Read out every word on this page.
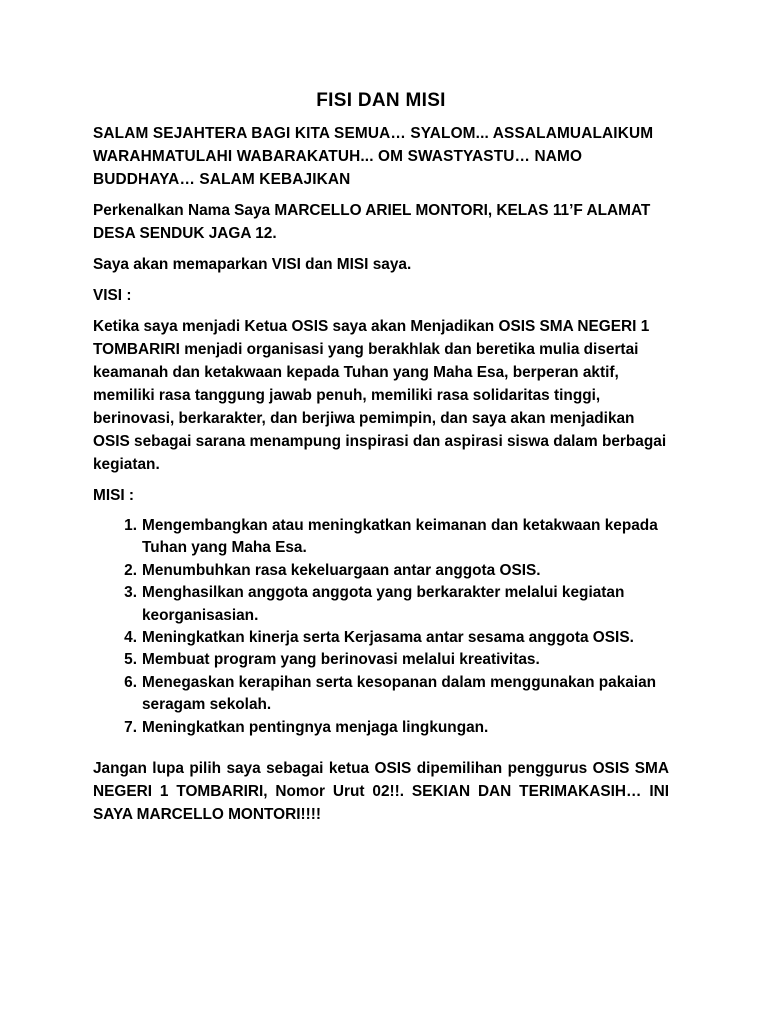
FISI DAN MISI

SALAM SEJAHTERA BAGI KITA SEMUA… SYALOM... ASSALAMUALAIKUM WARAHMATULAHI WABARAKATUH... OM SWASTYASTU… NAMO BUDDHAYA… SALAM KEBAJIKAN

Perkenalkan Nama Saya MARCELLO ARIEL MONTORI, KELAS 11’F ALAMAT DESA SENDUK JAGA 12.

Saya akan memaparkan VISI dan MISI saya.

VISI :

Ketika saya menjadi Ketua OSIS saya akan Menjadikan OSIS SMA NEGERI 1 TOMBARIRI menjadi organisasi yang berakhlak dan beretika mulia disertai keamanah dan ketakwaan kepada Tuhan yang Maha Esa, berperan aktif, memiliki rasa tanggung jawab penuh, memiliki rasa solidaritas tinggi, berinovasi, berkarakter, dan berjiwa pemimpin, dan saya akan menjadikan OSIS sebagai sarana menampung inspirasi dan aspirasi siswa dalam berbagai kegiatan.

MISI :

1. Mengembangkan atau meningkatkan keimanan dan ketakwaan kepada Tuhan yang Maha Esa.
2. Menumbuhkan rasa kekeluargaan antar anggota OSIS.
3. Menghasilkan anggota anggota yang berkarakter melalui kegiatan keorganisasian.
4. Meningkatkan kinerja serta Kerjasama antar sesama anggota OSIS.
5. Membuat program yang berinovasi melalui kreativitas.
6. Menegaskan kerapihan serta kesopanan dalam menggunakan pakaian seragam sekolah.
7. Meningkatkan pentingnya menjaga lingkungan.

Jangan lupa pilih saya sebagai ketua OSIS dipemilihan penggurus OSIS SMA NEGERI 1 TOMBARIRI, Nomor Urut 02!!. SEKIAN DAN TERIMAKASIH… INI SAYA MARCELLO MONTORI!!!!
